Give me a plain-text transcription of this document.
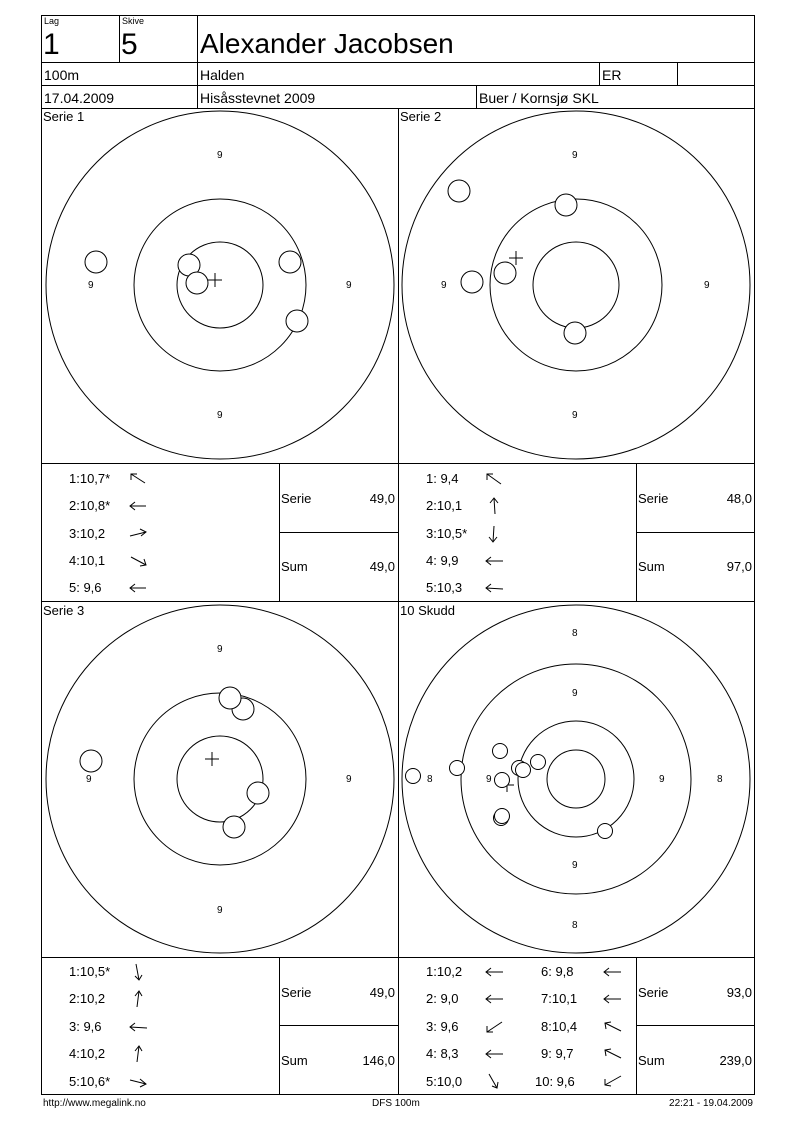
Lag
1
Skive
5 Alexander Jacobsen
100m	Halden	ER
17.04.2009	Hisåsstevnet 2009	Buer / Kornsjø SKL
Serie 1
9
9	9
9
Serie 2
9
9	9
9
Serie 3
9
9	9
9
10 Skudd
8
8	8
8
9
9	9
9
1:10,7*
2:10,8*
3:10,2
4:10,1
5: 9,6
1: 9,4
2:10,1
3:10,5*
4: 9,9
5:10,3
1:10,5*
2:10,2
3: 9,6
4:10,2
5:10,6*
1:10,2
2: 9,0
3: 9,6
4: 8,3
5:10,0
6: 9,8
7:10,1
8:10,4
9: 9,7
10: 9,6
Serie	49,0
Sum	49,0
Serie	48,0
Sum	97,0
Serie	49,0
Sum	146,0
Serie	93,0
Sum	239,0
http://www.megalink.no	DFS 100m	22:21 - 19.04.2009
